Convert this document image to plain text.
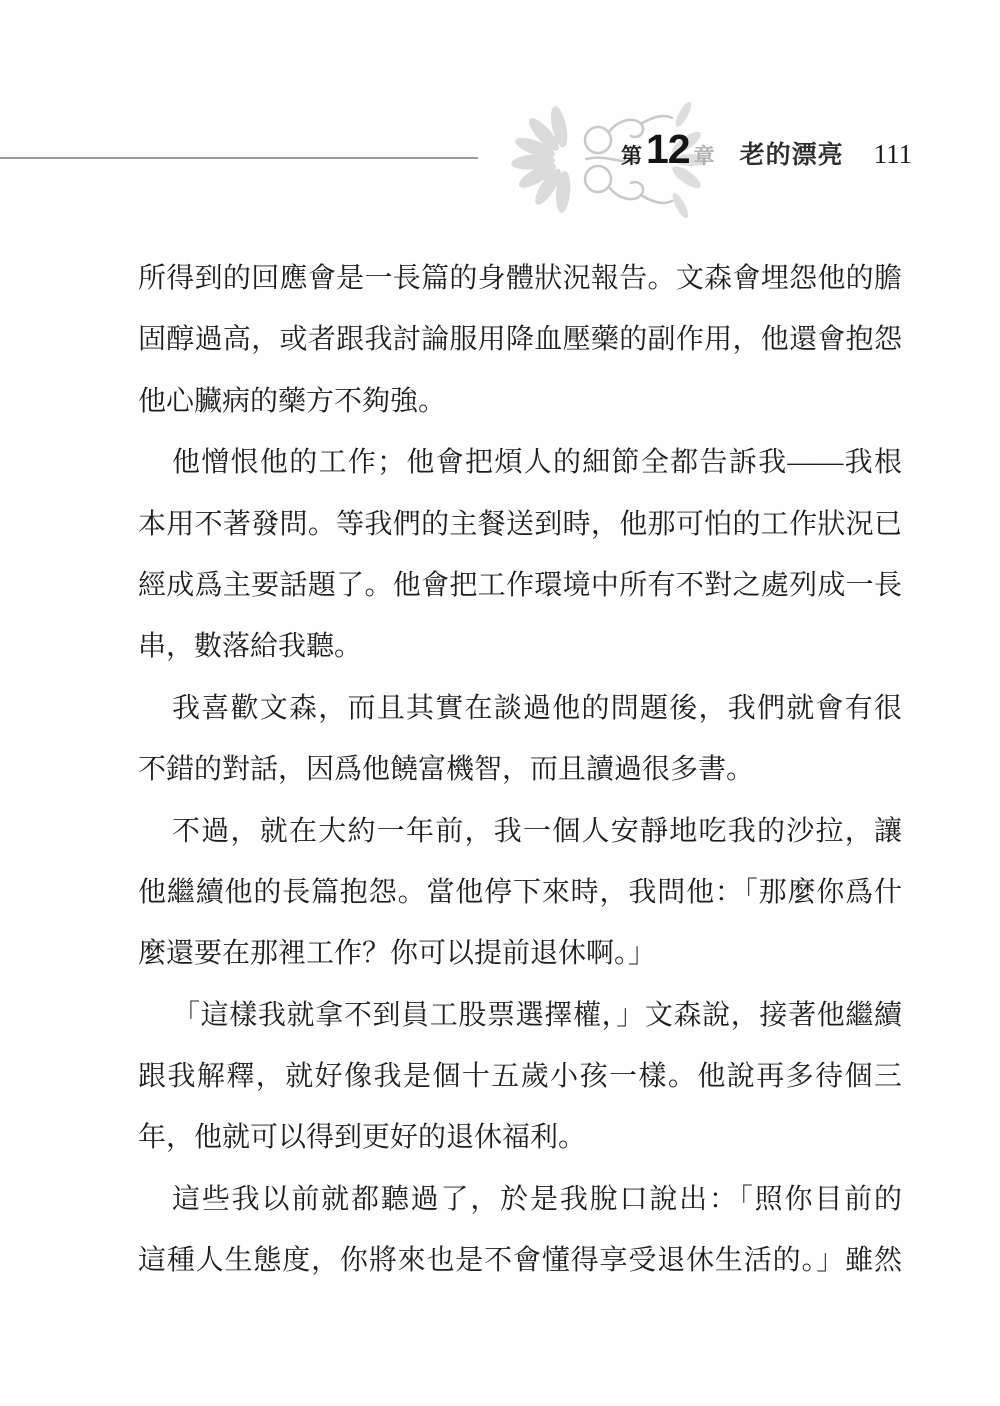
第 12 章 老的漂亮 111
所得到的回應會是一長篇的身體狀況報告。文森會埋怨他的膽
固醇過高，或者跟我討論服用降血壓藥的副作用，他還會抱怨
他心臟病的藥方不夠強。
他憎恨他的工作；他會把煩人的細節全都告訴我——我根
本用不著發問。等我們的主餐送到時，他那可怕的工作狀況已
經成爲主要話題了。他會把工作環境中所有不對之處列成一長
串，數落給我聽。
我喜歡文森，而且其實在談過他的問題後，我們就會有很
不錯的對話，因爲他饒富機智，而且讀過很多書。
不過，就在大約一年前，我一個人安靜地吃我的沙拉，讓
他繼續他的長篇抱怨。當他停下來時，我問他：「那麼你爲什
麼還要在那裡工作？你可以提前退休啊。」
「這樣我就拿不到員工股票選擇權，」文森說，接著他繼續
跟我解釋，就好像我是個十五歲小孩一樣。他說再多待個三
年，他就可以得到更好的退休福利。
這些我以前就都聽過了，於是我脫口說出：「照你目前的
這種人生態度，你將來也是不會懂得享受退休生活的。」雖然
